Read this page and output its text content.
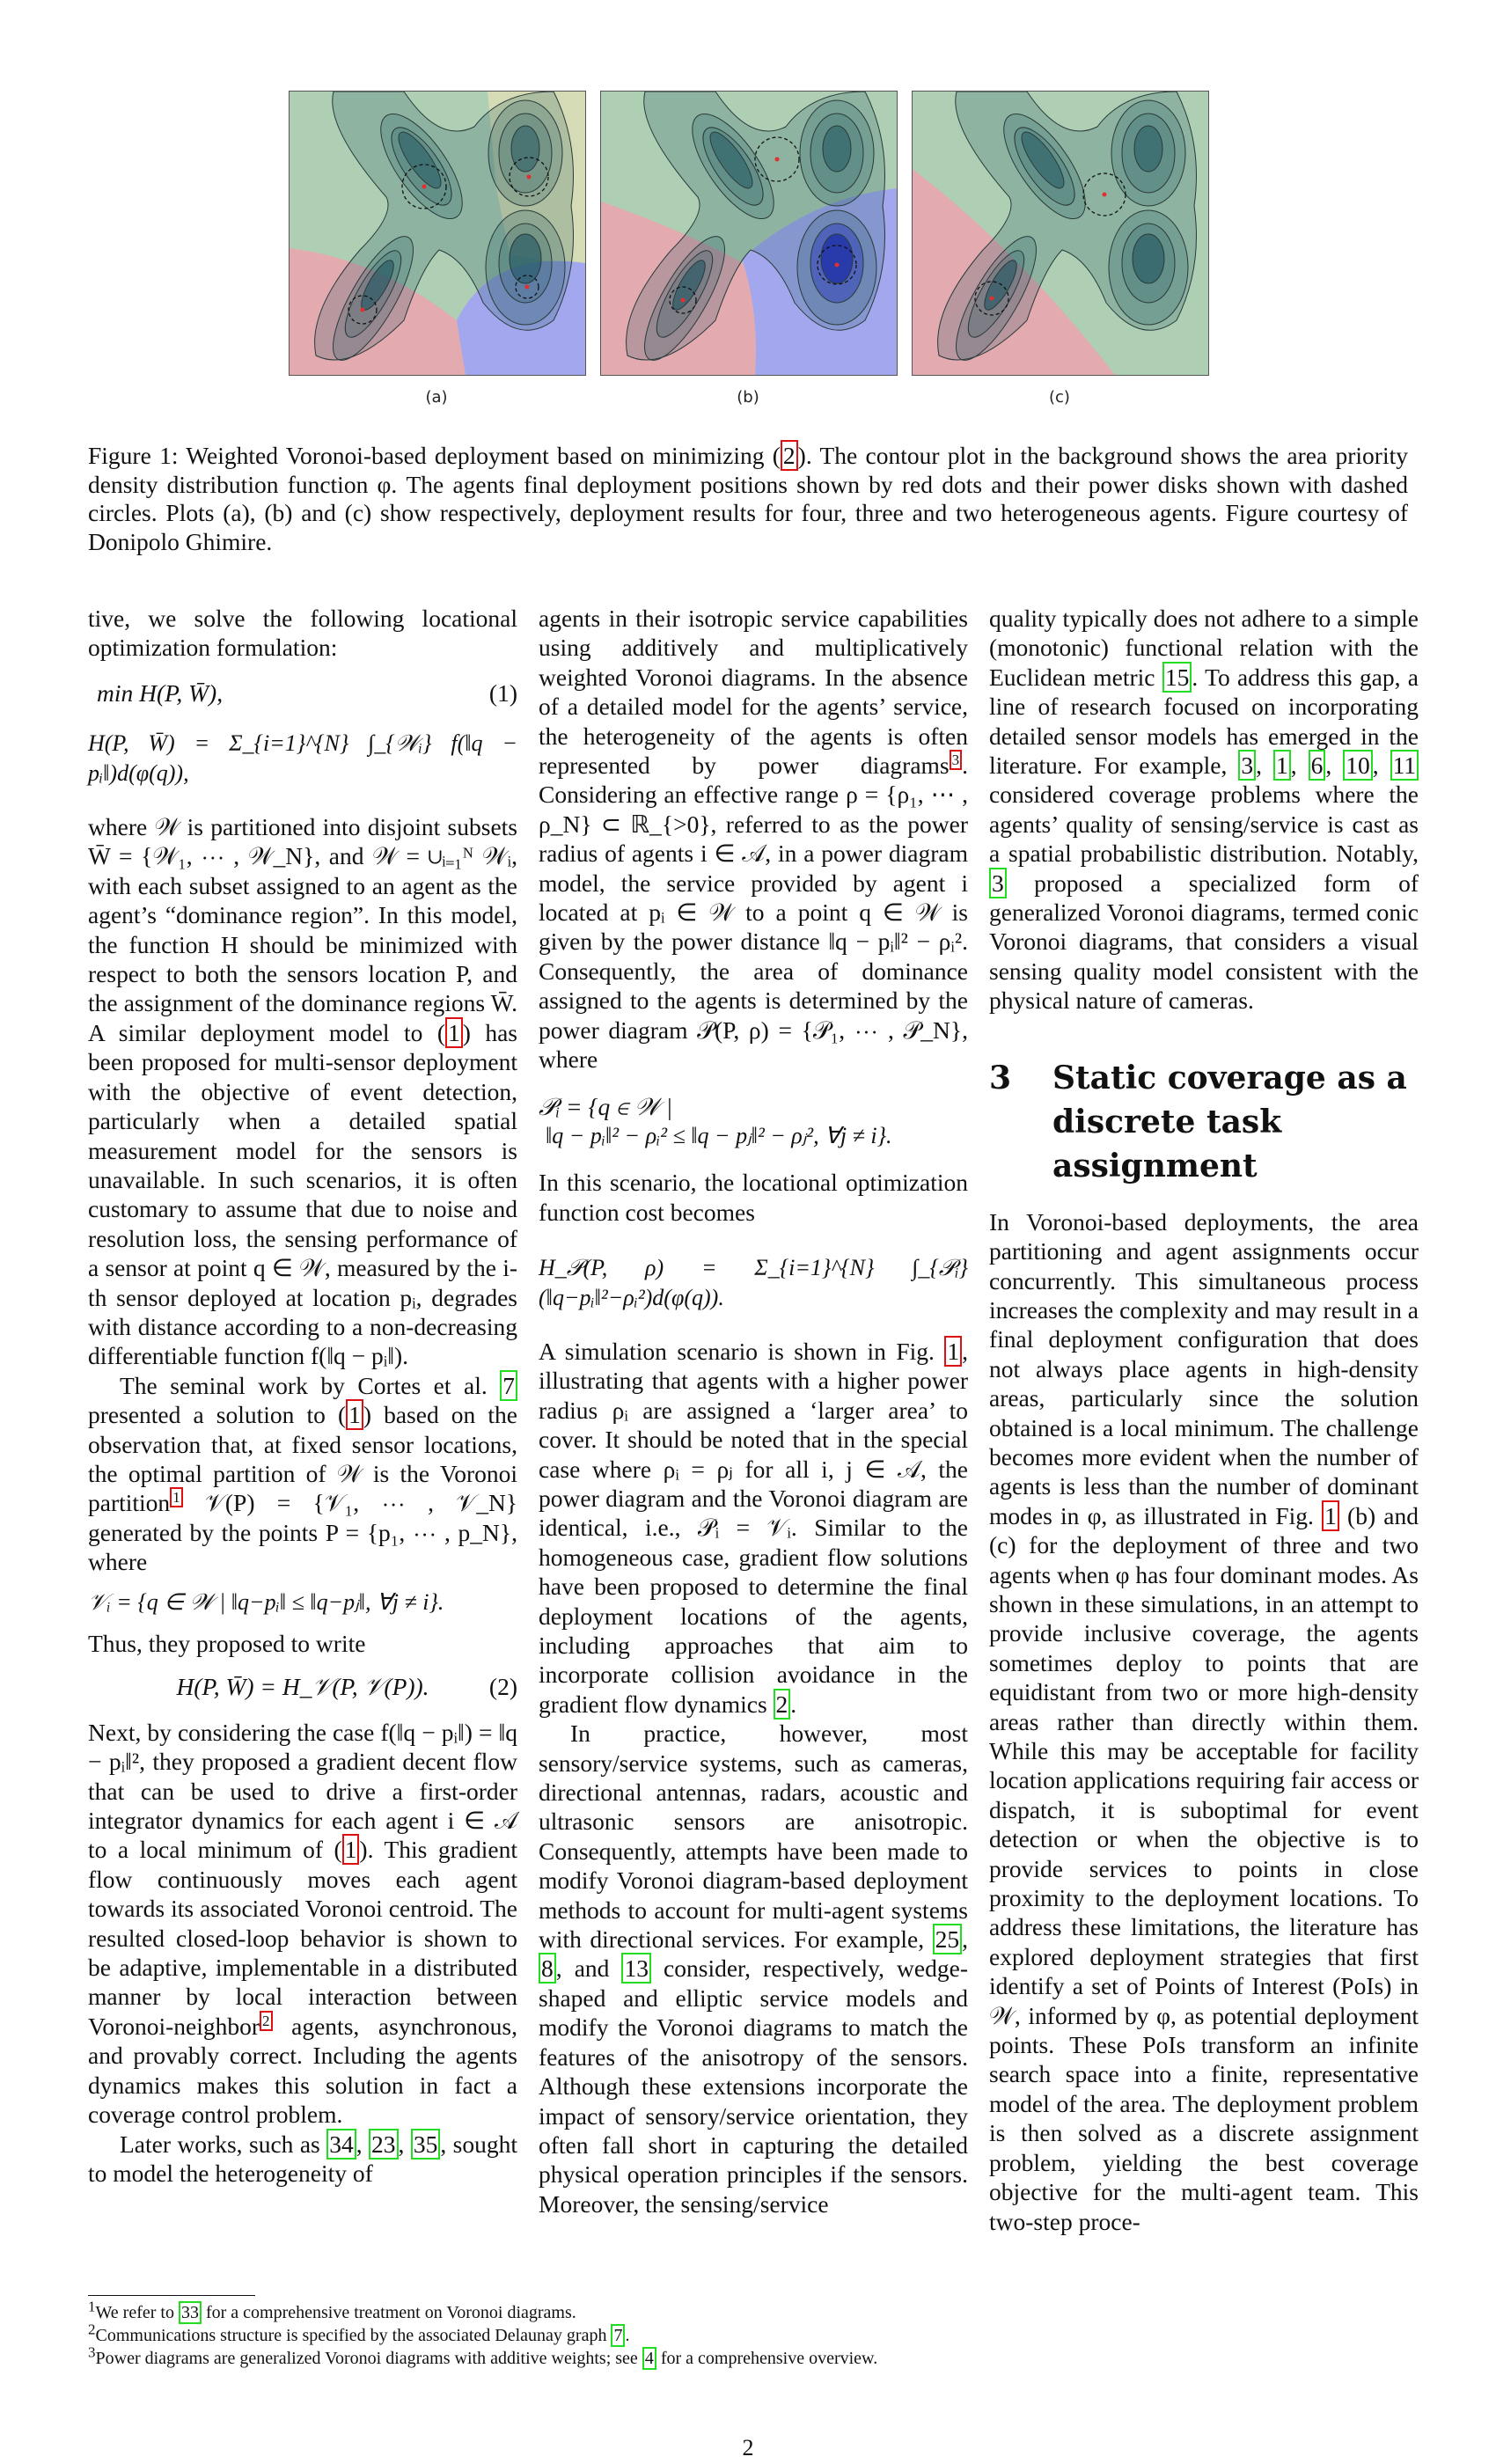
(a)	(b)	(c)
Figure 1: Weighted Voronoi-based deployment based on minimizing ( 2 ). The contour plot in the background shows the area priority density distribution function φ. The agents final deployment positions shown by red dots and their power disks shown with dashed circles. Plots (a), (b) and (c) show respectively, deployment results for four, three and two heterogeneous agents. Figure courtesy of Donipolo Ghimire.

tive, we solve the following locational optimization formulation:

min H(P, W̄),	(1)
H(P, W̄) = Σ_{i=1}^{N} ∫_{𝒲ᵢ} f(‖q − pᵢ‖)d(φ(q)),

where 𝒲 is partitioned into disjoint subsets W̄ = {𝒲₁, ⋯ , 𝒲_N}, and 𝒲 = ∪ᵢ₌₁ᴺ 𝒲ᵢ, with each subset assigned to an agent as the agent’s “dominance region”. In this model, the function H should be minimized with respect to both the sensors location P, and the assignment of the dominance regions W̄. A similar deployment model to ( 1 ) has been proposed for multi-sensor deployment with the objective of event detection, particularly when a detailed spatial measurement model for the sensors is unavailable. In such scenarios, it is often customary to assume that due to noise and resolution loss, the sensing performance of a sensor at point q ∈ 𝒲, measured by the i-th sensor deployed at location pᵢ, degrades with distance according to a non-decreasing differentiable function f(‖q − pᵢ‖).

The seminal work by Cortes et al. 7 presented a solution to ( 1 ) based on the observation that, at fixed sensor locations, the optimal partition of 𝒲 is the Voronoi partition $^1$ 𝒱(P) = {𝒱₁, ⋯ , 𝒱_N} generated by the points P = {p₁, ⋯ , p_N}, where

𝒱ᵢ = {q ∈ 𝒲 | ‖q−pᵢ‖ ≤ ‖q−pⱼ‖, ∀j ≠ i}.

Thus, they proposed to write

H(P, W̄) = H_𝒱(P, 𝒱(P)). (2)

Next, by considering the case f(‖q − pᵢ‖) = ‖q − pᵢ‖², they proposed a gradient decent flow that can be used to drive a first-order integrator dynamics for each agent i ∈ 𝒜 to a local minimum of ( 1 ). This gradient flow continuously moves each agent towards its associated Voronoi centroid. The resulted closed-loop behavior is shown to be adaptive, implementable in a distributed manner by local interaction between Voronoi-neighbor $^2$ agents, asynchronous, and provably correct. Including the agents dynamics makes this solution in fact a coverage control problem.

Later works, such as 34 , 23 , 35 , sought to model the heterogeneity of

agents in their isotropic service capabilities using additively and multiplicatively weighted Voronoi diagrams. In the absence of a detailed model for the agents’ service, the heterogeneity of the agents is often represented by power diagrams $^3$ . Considering an effective range ρ = {ρ₁, ⋯ , ρ_N} ⊂ ℝ_{>0}, referred to as the power radius of agents i ∈ 𝒜, in a power diagram model, the service provided by agent i located at pᵢ ∈ 𝒲 to a point q ∈ 𝒲 is given by the power distance ‖q − pᵢ‖² − ρᵢ². Consequently, the area of dominance assigned to the agents is determined by the power diagram 𝒫(P, ρ) = {𝒫₁, ⋯ , 𝒫_N}, where

𝒫ᵢ = {q ∈ 𝒲 |
‖q − pᵢ‖² − ρᵢ² ≤ ‖q − pⱼ‖² − ρⱼ², ∀j ≠ i}.

In this scenario, the locational optimization function cost becomes

H_𝒫(P, ρ) = Σ_{i=1}^{N} ∫_{𝒫ᵢ} (‖q−pᵢ‖²−ρᵢ²)d(φ(q)).

A simulation scenario is shown in Fig. 1 , illustrating that agents with a higher power radius ρᵢ are assigned a ‘larger area’ to cover. It should be noted that in the special case where ρᵢ = ρⱼ for all i, j ∈ 𝒜, the power diagram and the Voronoi diagram are identical, i.e., 𝒫ᵢ = 𝒱ᵢ. Similar to the homogeneous case, gradient flow solutions have been proposed to determine the final deployment locations of the agents, including approaches that aim to incorporate collision avoidance in the gradient flow dynamics 2 .

In practice, however, most sensory/service systems, such as cameras, directional antennas, radars, acoustic and ultrasonic sensors are anisotropic. Consequently, attempts have been made to modify Voronoi diagram-based deployment methods to account for multi-agent systems with directional services. For example, 25 , 8 , and 13 consider, respectively, wedge-shaped and elliptic service models and modify the Voronoi diagrams to match the features of the anisotropy of the sensors. Although these extensions incorporate the impact of sensory/service orientation, they often fall short in capturing the detailed physical operation principles if the sensors. Moreover, the sensing/service

quality typically does not adhere to a simple (monotonic) functional relation with the Euclidean metric 15 . To address this gap, a line of research focused on incorporating detailed sensor models has emerged in the literature. For example, 3 , 1 , 6 , 10 , 11 considered coverage problems where the agents’ quality of sensing/service is cast as a spatial probabilistic distribution. Notably, 3 proposed a specialized form of generalized Voronoi diagrams, termed conic Voronoi diagrams, that considers a visual sensing quality model consistent with the physical nature of cameras.

3	Static coverage as a discrete task assignment

In Voronoi-based deployments, the area partitioning and agent assignments occur concurrently. This simultaneous process increases the complexity and may result in a final deployment configuration that does not always place agents in high-density areas, particularly since the solution obtained is a local minimum. The challenge becomes more evident when the number of agents is less than the number of dominant modes in φ, as illustrated in Fig. 1 (b) and (c) for the deployment of three and two agents when φ has four dominant modes. As shown in these simulations, in an attempt to provide inclusive coverage, the agents sometimes deploy to points that are equidistant from two or more high-density areas rather than directly within them. While this may be acceptable for facility location applications requiring fair access or dispatch, it is suboptimal for event detection or when the objective is to provide services to points in close proximity to the deployment locations. To address these limitations, the literature has explored deployment strategies that first identify a set of Points of Interest (PoIs) in 𝒲, informed by φ, as potential deployment points. These PoIs transform an infinite search space into a finite, representative model of the area. The deployment problem is then solved as a discrete assignment problem, yielding the best coverage objective for the multi-agent team. This two-step proce-

$^1$We refer to 33 for a comprehensive treatment on Voronoi diagrams.
$^2$Communications structure is specified by the associated Delaunay graph 7 .
$^3$Power diagrams are generalized Voronoi diagrams with additive weights; see 4 for a comprehensive overview.
2
